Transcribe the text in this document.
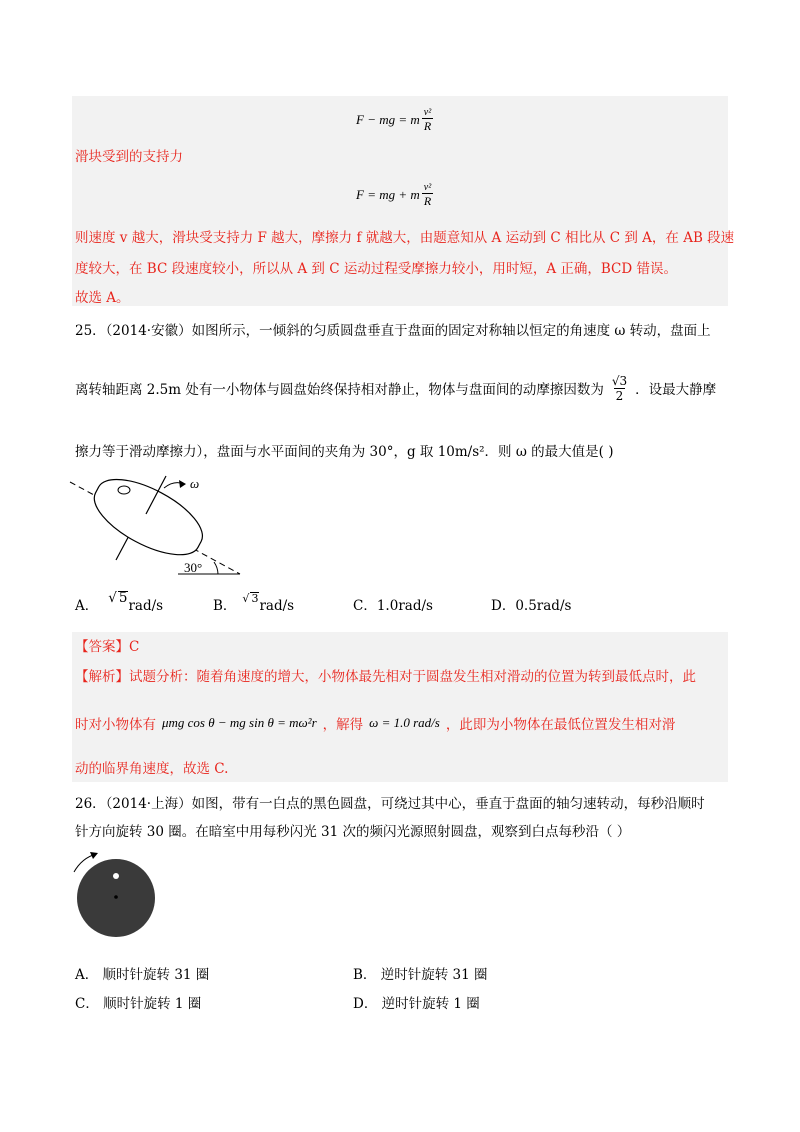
F − mg = m $\frac{\text{v²}}{R}$
滑块受到的支持力
F = mg + m $\frac{\text{v²}}{R}$
则速度 v 越大，滑块受支持力 F 越大，摩擦力 f 就越大，由题意知从 A 运动到 C 相比从 C 到 A，在 AB 段速
度较大，在 BC 段速度较小，所以从 A 到 C 运动过程受摩擦力较小，用时短，A 正确，BCD 错误。
故选 A。
25．（2014·安徽）如图所示，一倾斜的匀质圆盘垂直于盘面的固定对称轴以恒定的角速度 ω 转动，盘面上
离转轴距离 2.5m 处有一小物体与圆盘始终保持相对静止，物体与盘面间的动摩擦因数为 $\frac{√3}{2}$ ．设最大静摩
擦力等于滑动摩擦力），盘面与水平面间的夹角为 30°，g 取 10m/s²．则 ω 的最大值是( )
ω
30°
A． √ 5rad/s	B． $^{√ 3}$rad/s	C．1.0rad/s	D．0.5rad/s
【答案】C
【解析】试题分析：随着角速度的增大，小物体最先相对于圆盘发生相对滑动的位置为转到最低点时，此
时对小物体有 μmg cos θ − mg sin θ = mω²r ，解得 ω = 1.0 rad/s ，此即为小物体在最低位置发生相对滑
动的临界角速度，故选 C.
26．（2014·上海）如图，带有一白点的黑色圆盘，可绕过其中心，垂直于盘面的轴匀速转动，每秒沿顺时
针方向旋转 30 圈。在暗室中用每秒闪光 31 次的频闪光源照射圆盘，观察到白点每秒沿（ ）
A． 顺时针旋转 31 圈	B． 逆时针旋转 31 圈
C． 顺时针旋转 1 圈	D． 逆时针旋转 1 圈
